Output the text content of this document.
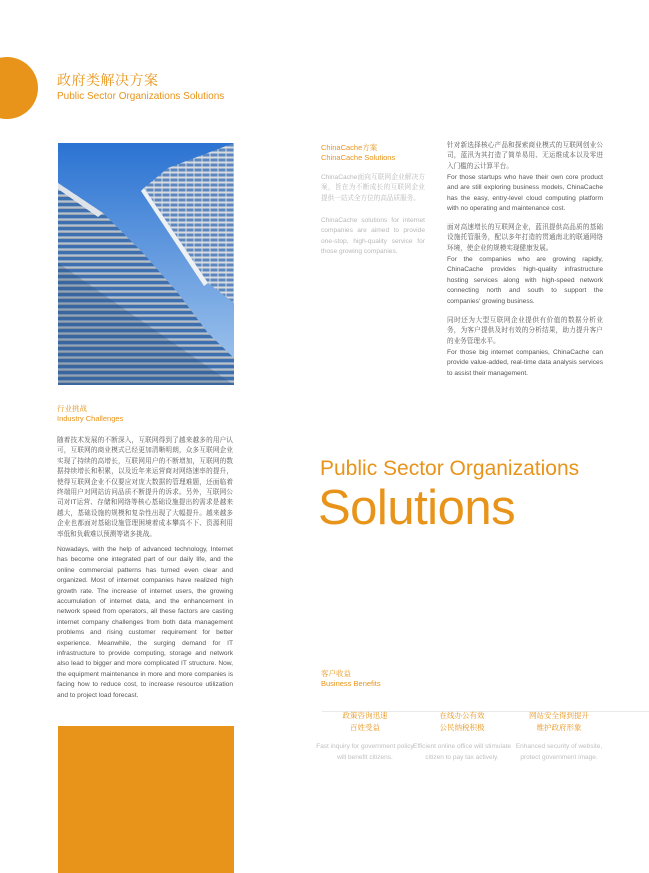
政府类解决方案
Public Sector Organizations Solutions
行业挑战
Industry Challenges
随着技术发展的不断深入，互联网得到了越来越多的用户认可，互联网的商业模式已经更加清晰明朗，众多互联网企业实现了持续的高增长，互联网用户的不断增加，互联网的数据持续增长和积累，以及近年来运营商对网络速率的提升，使得互联网企业不仅要应对庞大数据的管理难题，还面临着终端用户对网站访问品质不断提升的诉求。另外，互联网公司对IT运营、存储和网络等核心基础设施提出的需求是越来越大，基础设施的规模和复杂性出现了大幅提升。越来越多企业也都面对基础设施管理困境着成本攀高不下、资源利用率低和负载难以预测等诸多挑战。
Nowadays, with the help of advanced technology, Internet has become one integrated part of our daily life, and the online commercial patterns has turned even clear and organized. Most of internet companies have realized high growth rate. The increase of internet users, the growing accumulation of internet data, and the enhancement in network speed from operators, all these factors are casting internet company challenges from both data management problems and rising customer requirement for better experience. Meanwhile, the surging demand for IT infrastructure to provide computing, storage and network also lead to bigger and more complicated IT structure. Now, the equipment maintenance in more and more companies is facing how to reduce cost, to increase resource utilization and to project load forecast.
ChinaCache方案
ChinaCache Solutions
ChinaCache面向互联网企业解决方案，旨在为不断成长的互联网企业提供一站式全方位的高品质服务。
ChinaCache solutions for internet companies are aimed to provide one-stop, high-quality service for those growing companies.
针对新选择核心产品和探索商业模式的互联网创业公司，蓝汛为其打造了简单易用、无运维成本以及零进入门槛的云计算平台。
For those startups who have their own core product and are still exploring business models, ChinaCache has the easy, entry-level cloud computing platform with no operating and maintenance cost.
面对高速增长的互联网企业，蓝汛提供高品质的基础设施托管服务，配以多年打造的贯通南北的联通网络环境，使企业的规模实现健康发展。
For the companies who are growing rapidly, ChinaCache provides high-quality infrastructure hosting services along with high-speed network connecting north and south to support the companies' growing business.
同时还为大型互联网企业提供有价值的数据分析业务，为客户提供及时有效的分析结果，助力提升客户的业务管理水平。
For those big internet companies, ChinaCache can provide value-added, real-time data analysis services to assist their management.
Public Sector Organizations
Solutions
客户收益
Business Benefits
政策咨询迅速
百姓受益
Fast inquiry for government policy will benefit citizens.
在线办公有效
公民纳税积极
Efficient online office will stimulate citizen to pay tax actively.
网站安全得到提升
维护政府形象
Enhanced security of website, protect government image.
